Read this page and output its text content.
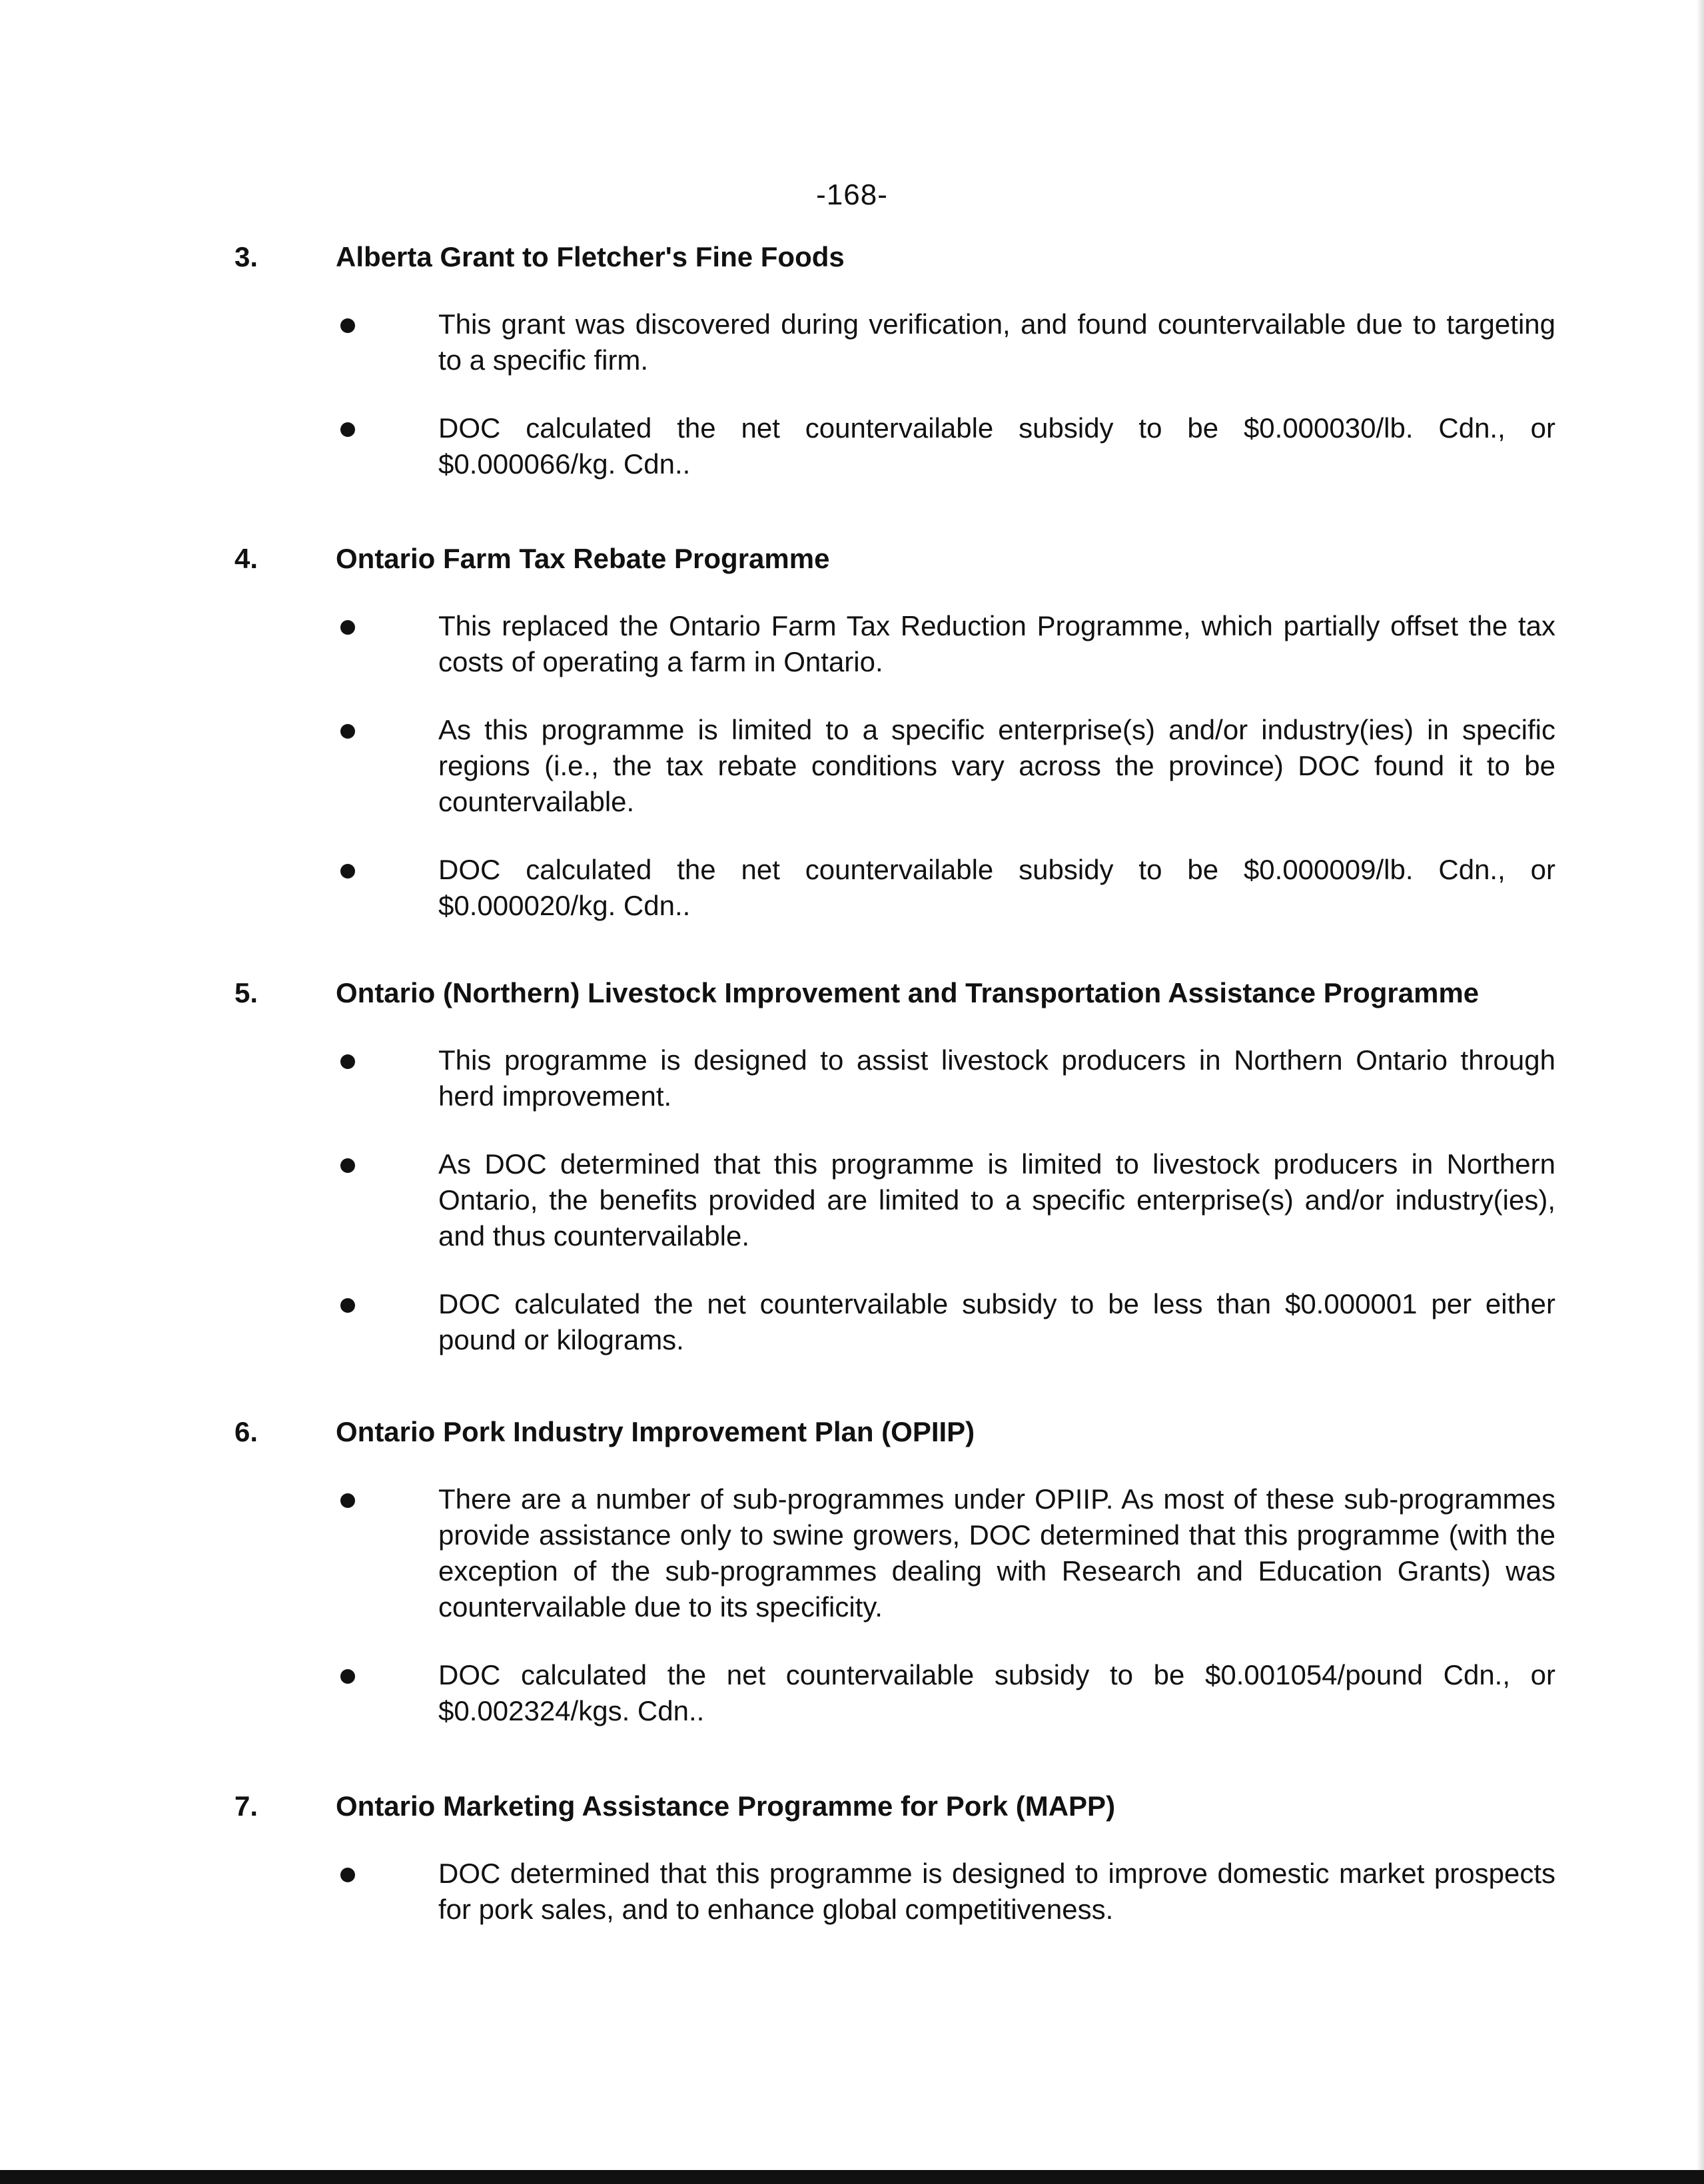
-168-
3.	Alberta Grant to Fletcher's Fine Foods
This grant was discovered during verification, and found countervailable due to targeting to a specific firm.
DOC calculated the net countervailable subsidy to be $0.000030/lb. Cdn., or $0.000066/kg. Cdn..
4.	Ontario Farm Tax Rebate Programme
This replaced the Ontario Farm Tax Reduction Programme, which partially offset the tax costs of operating a farm in Ontario.
As this programme is limited to a specific enterprise(s) and/or industry(ies) in specific regions (i.e., the tax rebate conditions vary across the province) DOC found it to be countervailable.
DOC calculated the net countervailable subsidy to be $0.000009/lb. Cdn., or $0.000020/kg. Cdn..
5.	Ontario (Northern) Livestock Improvement and Transportation Assistance Programme
This programme is designed to assist livestock producers in Northern Ontario through herd improvement.
As DOC determined that this programme is limited to livestock producers in Northern Ontario, the benefits provided are limited to a specific enterprise(s) and/or industry(ies), and thus countervailable.
DOC calculated the net countervailable subsidy to be less than $0.000001 per either pound or kilograms.
6.	Ontario Pork Industry Improvement Plan (OPIIP)
There are a number of sub-programmes under OPIIP. As most of these sub-programmes provide assistance only to swine growers, DOC determined that this programme (with the exception of the sub-programmes dealing with Research and Education Grants) was countervailable due to its specificity.
DOC calculated the net countervailable subsidy to be $0.001054/pound Cdn., or $0.002324/kgs. Cdn..
7.	Ontario Marketing Assistance Programme for Pork (MAPP)
DOC determined that this programme is designed to improve domestic market prospects for pork sales, and to enhance global competitiveness.
